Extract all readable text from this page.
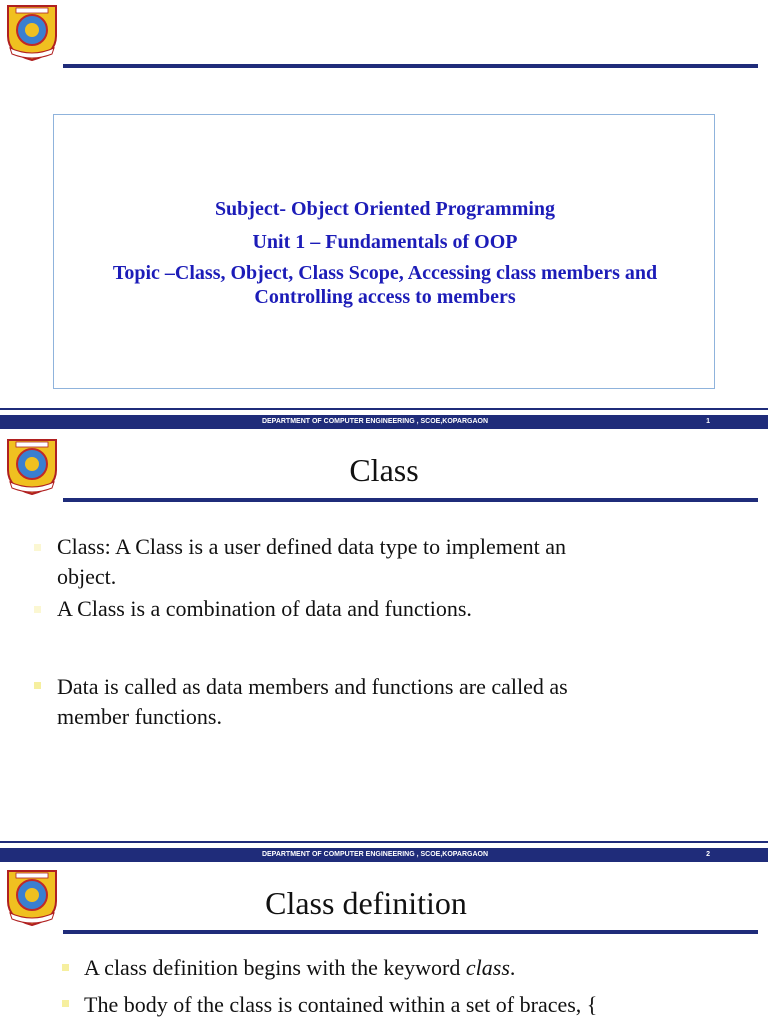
Subject- Object Oriented Programming
Unit 1 – Fundamentals of OOP
Topic –Class, Object, Class Scope, Accessing class members and
Controlling access to members
DEPARTMENT OF COMPUTER ENGINEERING , SCOE,KOPARGAON	1
Class
Class: A Class is a user defined data type to implement an
object.
A Class is a combination of data and functions.
Data is called as data members and functions are called as
member functions.
DEPARTMENT OF COMPUTER ENGINEERING , SCOE,KOPARGAON	2
Class definition
A class definition begins with the keyword class.
The body of the class is contained within a set of braces, {
